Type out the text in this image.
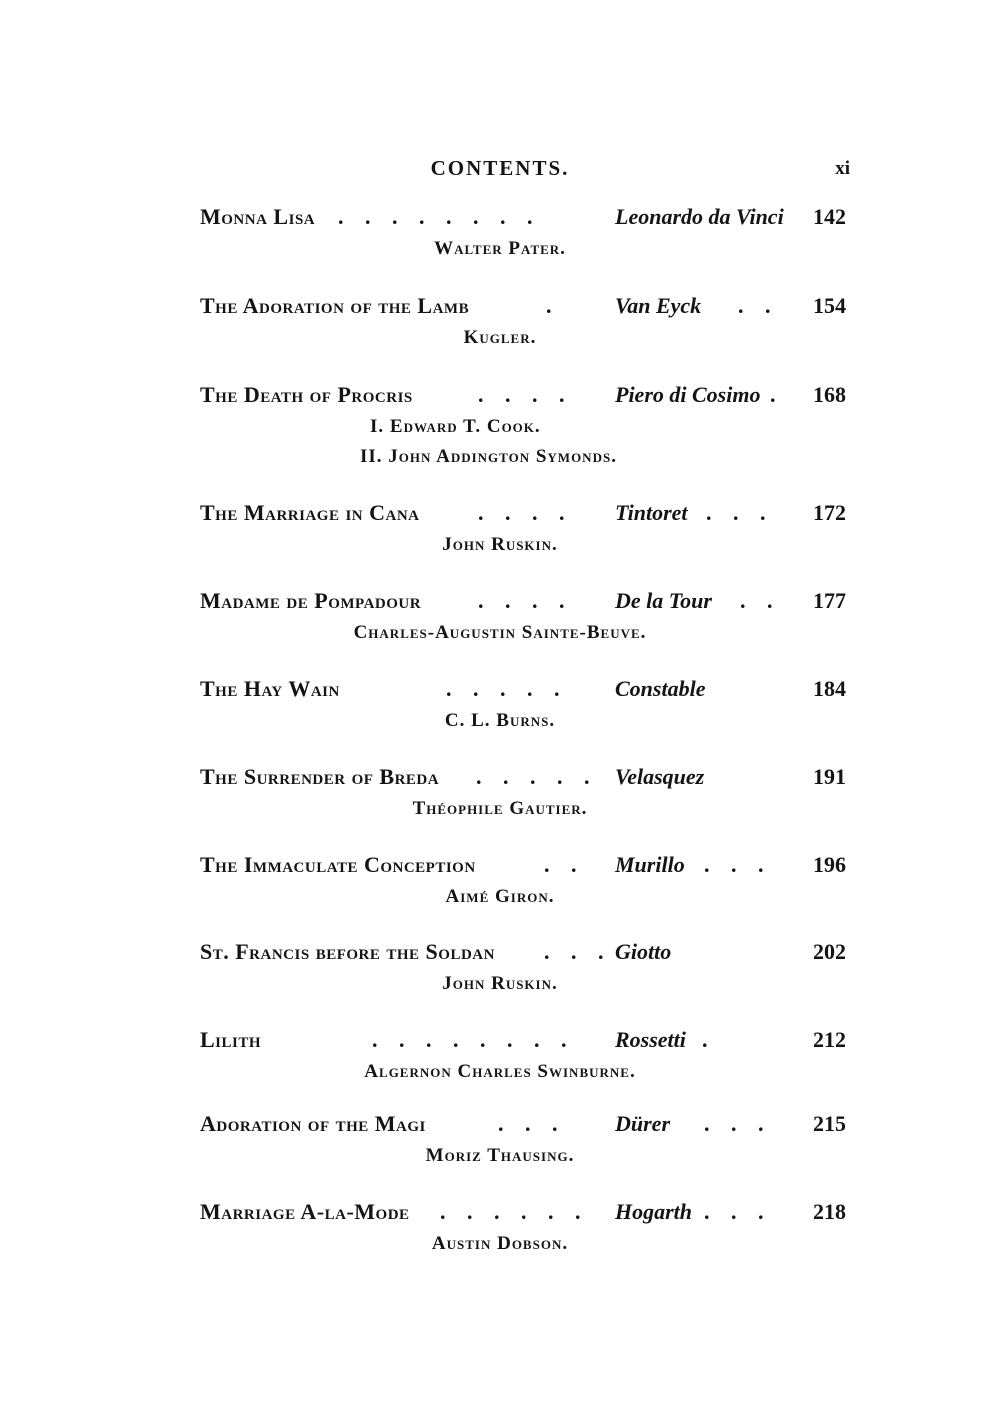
CONTENTS.	xi
Monna Lisa . . . . . . . .	Leonardo da Vinci	142
Walter Pater.
The Adoration of the Lamb	.	Van Eyck . .	154
Kugler.
The Death of Procris	. . . . Piero di Cosimo .	168
I. Edward T. Cook.
II. John Addington Symonds.
The Marriage in Cana	. . . . Tintoret . . .	172
John Ruskin.
Madame de Pompadour	. . . . De la Tour . .	177
Charles-Augustin Sainte-Beuve.
The Hay Wain	. . . . . Constable	184
C. L. Burns.
The Surrender of Breda . . . . . Velasquez	191
Théophile Gautier.
The Immaculate Conception	. . Murillo . . .	196
Aimé Giron.
St. Francis before the Soldan . . . Giotto	202
John Ruskin.
Lilith	. . . . . . . . Rossetti .	212
Algernon Charles Swinburne.
Adoration of the Magi	. . . Dürer . . .	215
Moriz Thausing.
Marriage A-la-Mode . . . . . . Hogarth . . .	218
Austin Dobson.
